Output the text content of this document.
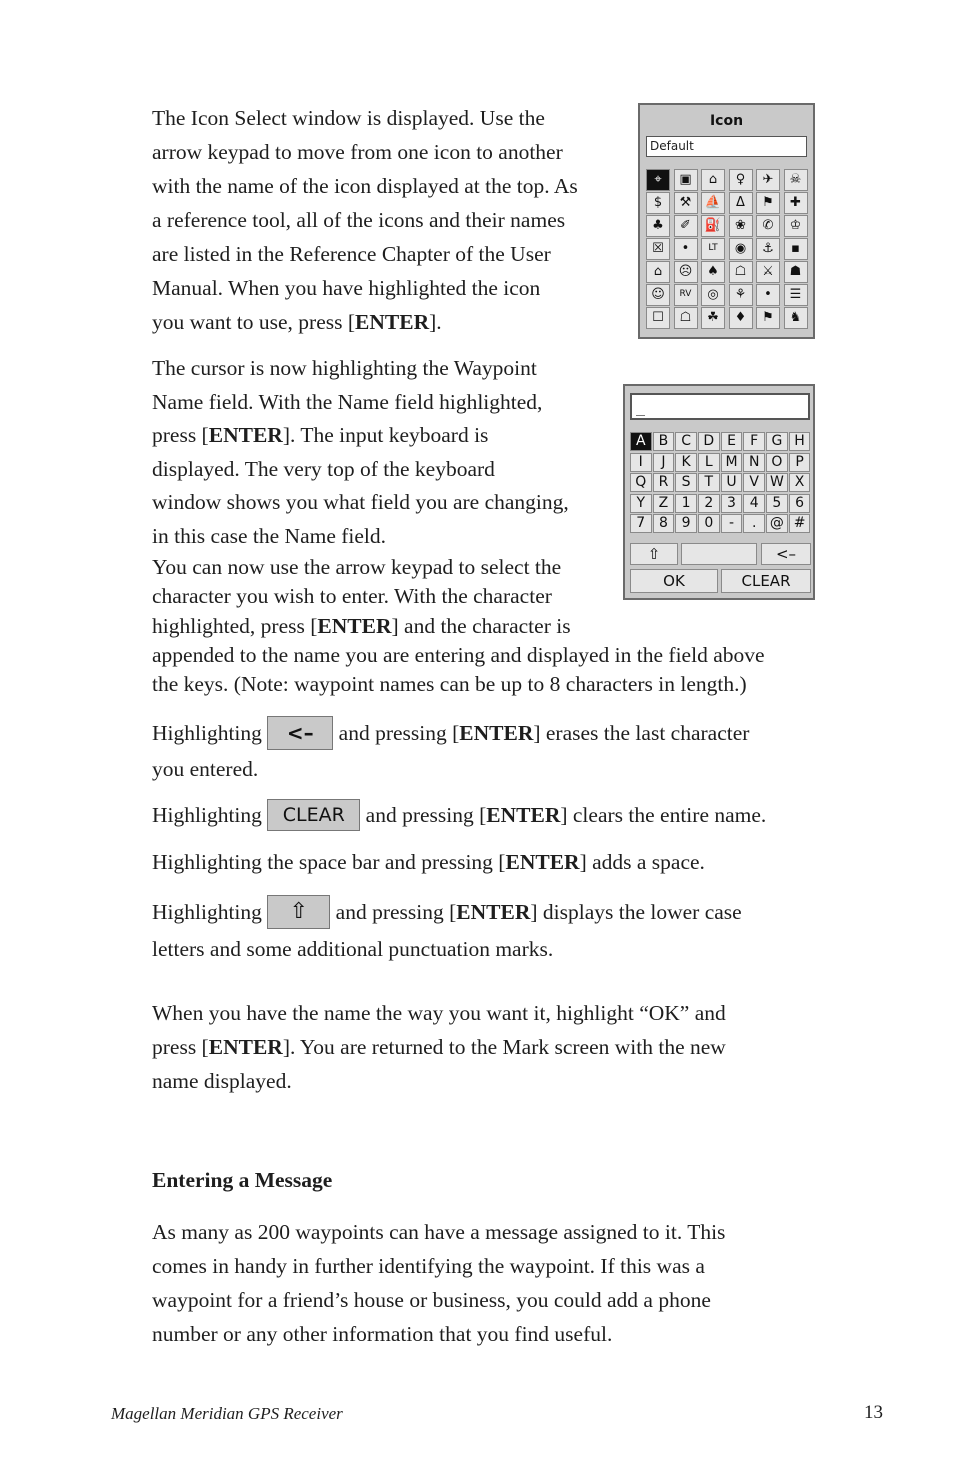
The Icon Select window is displayed. Use the
arrow keypad to move from one icon to another
with the name of the icon displayed at the top. As
a reference tool, all of the icons and their names
are listed in the Reference Chapter of the User
Manual. When you have highlighted the icon
you want to use, press [ENTER].

Icon
Default
⌖	▣	⌂	♀	✈	☠
$	⚒	⛵	Δ	⚑	✚
♣	✐	⛽	❀	✆	♔
☒	•	LT	◉	⚓	▪
⌂	☹	♠	☖	⚔	☗
☺	RV	◎	⚘	•	☰
☐	☖	☘	♦	⚑	♞

The cursor is now highlighting the Waypoint
Name field. With the Name field highlighted,
press [ENTER]. The input keyboard is
displayed. The very top of the keyboard
window shows you what field you are changing,
in this case the Name field.

_
A B C D E	F G H
I	J	K	L M N O P
Q R S T U V W X
Y Z 1 2 3 4 5 6
7 8 9 0	-	. @ #
⇧	<–
OK	CLEAR

You can now use the arrow keypad to select the
character you wish to enter. With the character
highlighted, press [ENTER] and the character is
appended to the name you are entering and displayed in the field above
the keys. (Note: waypoint names can be up to 8 characters in length.)

Highlighting <– and pressing [ENTER] erases the last character
you entered.

Highlighting CLEAR and pressing [ENTER] clears the entire name.

Highlighting the space bar and pressing [ENTER] adds a space.

Highlighting ⇧ and pressing [ENTER] displays the lower case
letters and some additional punctuation marks.

When you have the name the way you want it, highlight “OK” and
press [ENTER]. You are returned to the Mark screen with the new
name displayed.

Entering a Message

As many as 200 waypoints can have a message assigned to it. This
comes in handy in further identifying the waypoint. If this was a
waypoint for a friend’s house or business, you could add a phone
number or any other information that you find useful.

Magellan Meridian GPS Receiver	13
